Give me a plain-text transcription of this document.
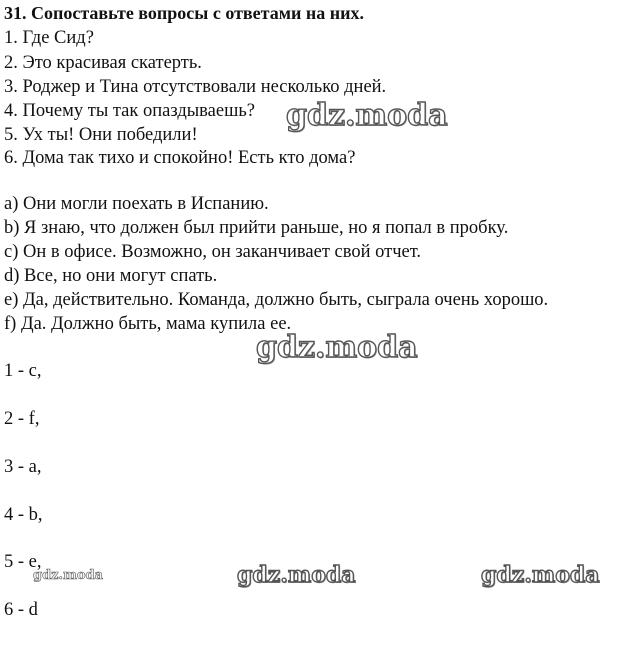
31. Сопоставьте вопросы с ответами на них.
1. Где Сид?
2. Это красивая скатерть.
3. Роджер и Тина отсутствовали несколько дней.
4. Почему ты так опаздываешь?
5. Ух ты! Они победили!
6. Дома так тихо и спокойно! Есть кто дома?
a) Они могли поехать в Испанию.
b) Я знаю, что должен был прийти раньше, но я попал в пробку.
c) Он в офисе. Возможно, он заканчивает свой отчет.
d) Все, но они могут спать.
e) Да, действительно. Команда, должно быть, сыграла очень хорошо.
f) Да. Должно быть, мама купила ее.
1 - c,
2 - f,
3 - a,
4 - b,
5 - e,
6 - d
gdz.moda
gdz.moda
gdz.moda	gdz.moda	gdz.moda
